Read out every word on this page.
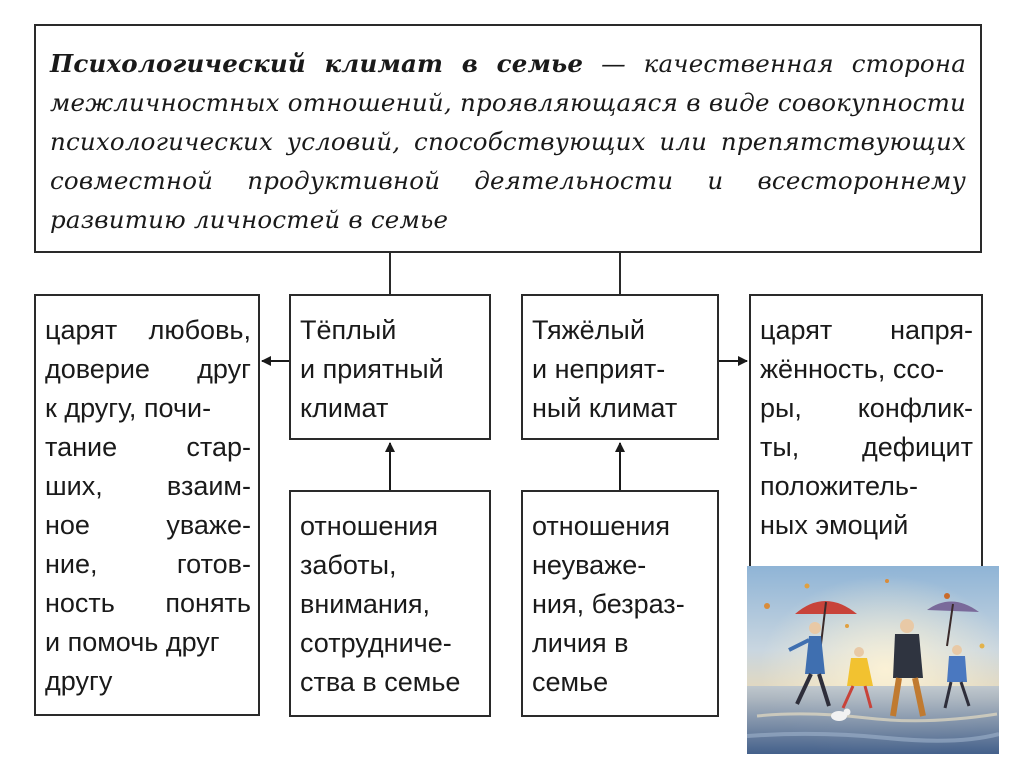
Психологический климат в семье — качественная сторона межличностных отношений, проявляющаяся в виде совокупности психологических условий, способствующих или препятствующих совместной продуктивной деятельности и всестороннему развитию личностей в семье

царят любовь,
доверие друг
к другу, почи-
тание стар-
ших, взаим-
ное уваже-
ние, готов-
ность понять
и помочь друг
другу
Тёплый
и приятный
климат
Тяжёлый
и неприят-
ный климат
царят напря-
жённость, ссо-
ры, конфлик-
ты, дефицит
положитель-
ных эмоций
отношения
заботы,
внимания,
сотрудниче-
ства в семье
отношения
неуваже-
ния, безраз-
личия в
семье
